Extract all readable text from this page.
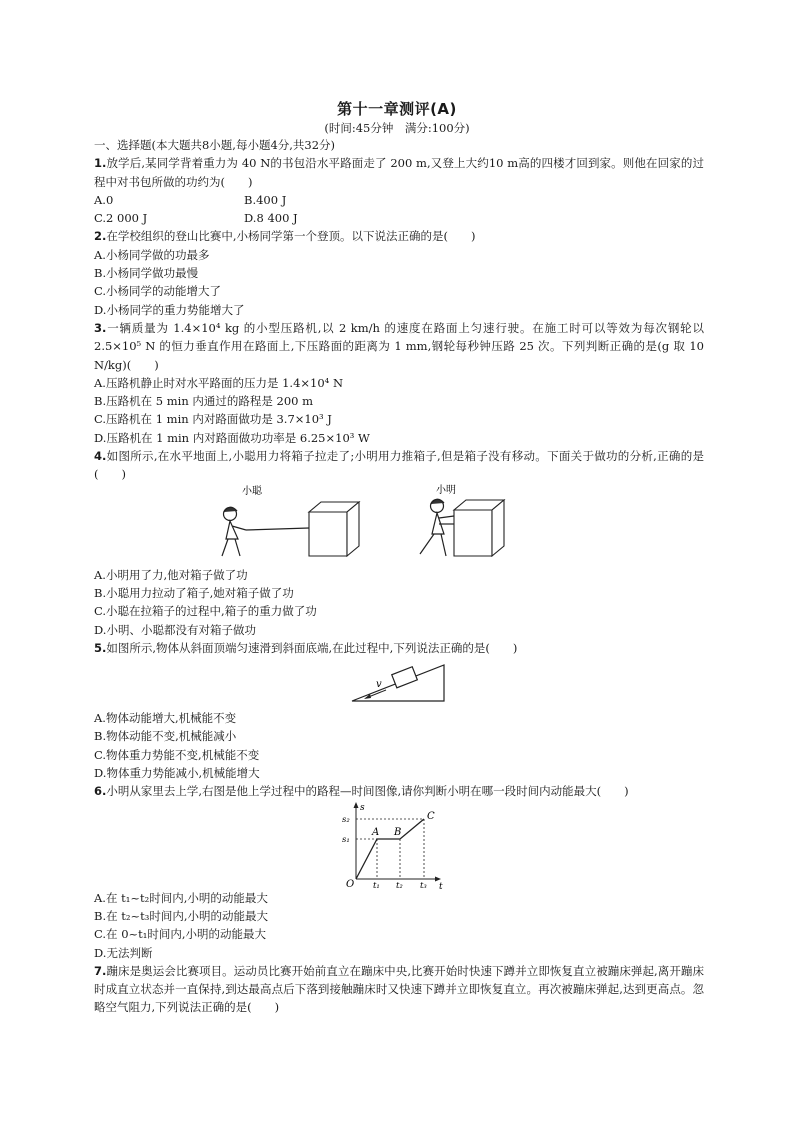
第十一章测评(A)
(时间:45分钟　满分:100分)
一、选择题(本大题共8小题,每小题4分,共32分)
1.放学后,某同学背着重力为 40 N的书包沿水平路面走了 200 m,又登上大约10 m高的四楼才回到家。则他在回家的过程中对书包所做的功约为(　　)
A.0	B.400 J
C.2 000 J	D.8 400 J
2.在学校组织的登山比赛中,小杨同学第一个登顶。以下说法正确的是(　　)
A.小杨同学做的功最多
B.小杨同学做功最慢
C.小杨同学的动能增大了
D.小杨同学的重力势能增大了
3.一辆质量为 1.4×10⁴ kg 的小型压路机,以 2 km/h 的速度在路面上匀速行驶。在施工时可以等效为每次钢轮以 2.5×10⁵ N 的恒力垂直作用在路面上,下压路面的距离为 1 mm,钢轮每秒钟压路 25 次。下列判断正确的是(g 取 10 N/kg)(　　)
A.压路机静止时对水平路面的压力是 1.4×10⁴ N
B.压路机在 5 min 内通过的路程是 200 m
C.压路机在 1 min 内对路面做功是 3.7×10³ J
D.压路机在 1 min 内对路面做功功率是 6.25×10³ W
4.如图所示,在水平地面上,小聪用力将箱子拉走了;小明用力推箱子,但是箱子没有移动。下面关于做功的分析,正确的是(　　)
小聪	小明
A.小明用了力,他对箱子做了功
B.小聪用力拉动了箱子,她对箱子做了功
C.小聪在拉箱子的过程中,箱子的重力做了功
D.小明、小聪都没有对箱子做功
5.如图所示,物体从斜面顶端匀速滑到斜面底端,在此过程中,下列说法正确的是(　　)
v
A.物体动能增大,机械能不变
B.物体动能不变,机械能减小
C.物体重力势能不变,机械能不变
D.物体重力势能减小,机械能增大
6.小明从家里去上学,右图是他上学过程中的路程—时间图像,请你判断小明在哪一段时间内动能最大(　　)
s
t
O
s₂
s₁
t₁ t₂ t₃
A B
C
A.在 t₁~t₂时间内,小明的动能最大
B.在 t₂~t₃时间内,小明的动能最大
C.在 0~t₁时间内,小明的动能最大
D.无法判断
7.蹦床是奥运会比赛项目。运动员比赛开始前直立在蹦床中央,比赛开始时快速下蹲并立即恢复直立被蹦床弹起,离开蹦床时成直立状态并一直保持,到达最高点后下落到接触蹦床时又快速下蹲并立即恢复直立。再次被蹦床弹起,达到更高点。忽略空气阻力,下列说法正确的是(　　)
